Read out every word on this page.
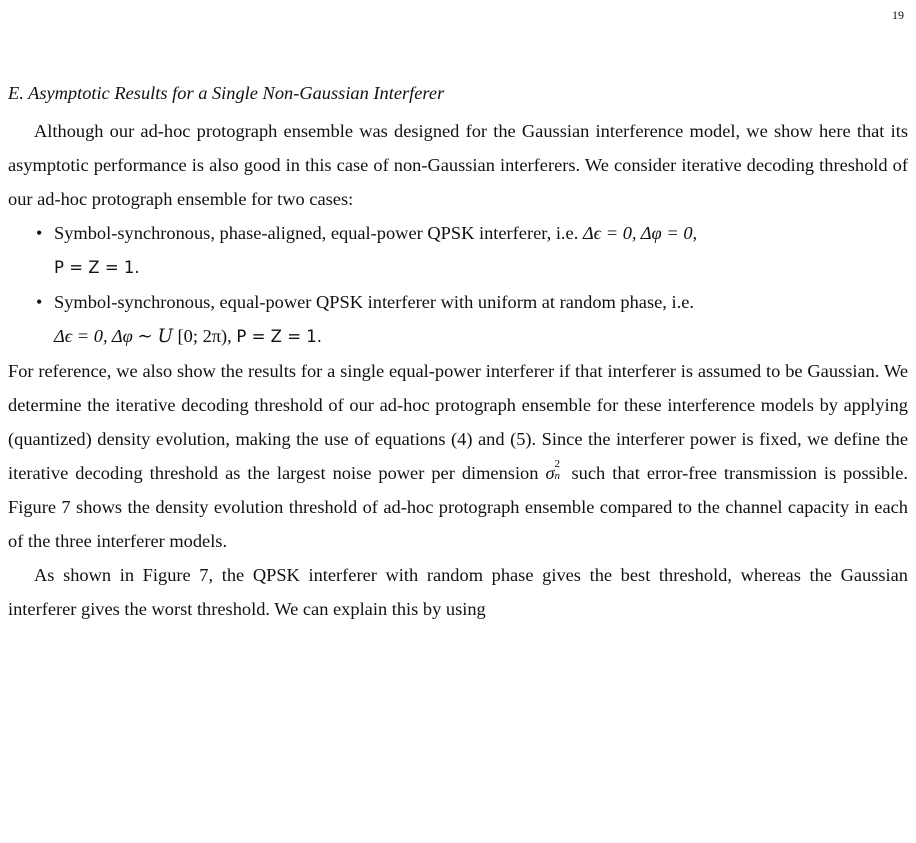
19
E. Asymptotic Results for a Single Non-Gaussian Interferer

Although our ad-hoc protograph ensemble was designed for the Gaussian interference model, we show here that its asymptotic performance is also good in this case of non-Gaussian interferers. We consider iterative decoding threshold of our ad-hoc protograph ensemble for two cases:

• Symbol-synchronous, phase-aligned, equal-power QPSK interferer, i.e. Δϵ = 0, Δφ = 0,
P = Z = 1.
• Symbol-synchronous, equal-power QPSK interferer with uniform at random phase, i.e.
Δϵ = 0, Δφ ∼ U [0; 2π), P = Z = 1.

For reference, we also show the results for a single equal-power interferer if that interferer is assumed to be Gaussian. We determine the iterative decoding threshold of our ad-hoc protograph ensemble for these interference models by applying (quantized) density evolution, making the use of equations (4) and (5). Since the interferer power is fixed, we define the iterative decoding threshold as the largest noise power per dimension σ 2
n such that error-free transmission is possible. Figure 7 shows the density evolution threshold of ad-hoc protograph ensemble compared to the channel capacity in each of the three interferer models.

As shown in Figure 7, the QPSK interferer with random phase gives the best threshold, whereas the Gaussian interferer gives the worst threshold. We can explain this by using
